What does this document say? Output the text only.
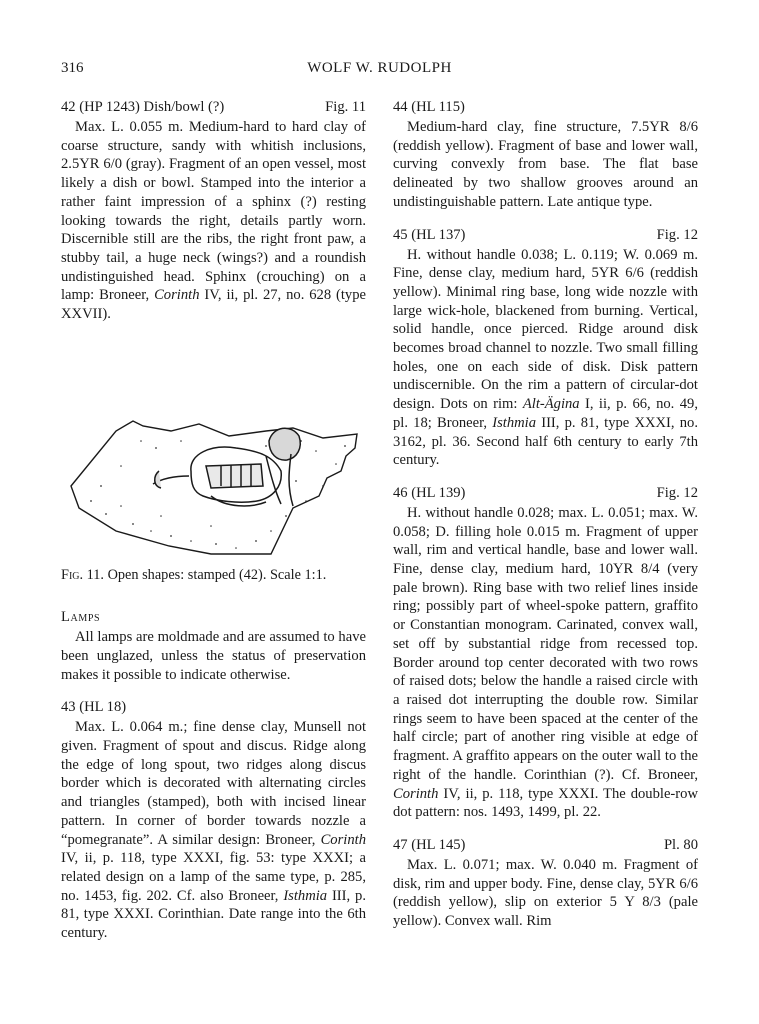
316	WOLF W. RUDOLPH
42 (HP 1243) Dish/bowl (?)	Fig. 11

Max. L. 0.055 m. Medium-hard to hard clay of coarse structure, sandy with whitish inclusions, 2.5YR 6/0 (gray). Fragment of an open vessel, most likely a dish or bowl. Stamped into the interior a rather faint impression of a sphinx (?) resting looking towards the right, details partly worn. Discernible still are the ribs, the right front paw, a stubby tail, a huge neck (wings?) and a roundish undistinguished head. Sphinx (crouching) on a lamp: Broneer, Corinth IV, ii, pl. 27, no. 628 (type XXVII).

Fig. 11. Open shapes: stamped (42). Scale 1:1.

Lamps

All lamps are moldmade and are assumed to have been unglazed, unless the status of preservation makes it possible to indicate otherwise.

43 (HL 18)

Max. L. 0.064 m.; fine dense clay, Munsell not given. Fragment of spout and discus. Ridge along the edge of long spout, two ridges along discus border which is decorated with alternating circles and triangles (stamped), both with incised linear pattern. In corner of border towards nozzle a “pomegranate”. A similar design: Broneer, Corinth IV, ii, p. 118, type XXXI, fig. 53: type XXXI; a related design on a lamp of the same type, p. 285, no. 1453, fig. 202. Cf. also Broneer, Isthmia III, p. 81, type XXXI. Corinthian. Date range into the 6th century.

44 (HL 115)

Medium-hard clay, fine structure, 7.5YR 8/6 (reddish yellow). Fragment of base and lower wall, curving convexly from base. The flat base delineated by two shallow grooves around an undistinguishable pattern. Late antique type.

45 (HL 137)	Fig. 12

H. without handle 0.038; L. 0.119; W. 0.069 m. Fine, dense clay, medium hard, 5YR 6/6 (reddish yellow). Minimal ring base, long wide nozzle with large wick-hole, blackened from burning. Vertical, solid handle, once pierced. Ridge around disk becomes broad channel to nozzle. Two small filling holes, one on each side of disk. Disk pattern undiscernible. On the rim a pattern of circular-dot design. Dots on rim: Alt-Ägina I, ii, p. 66, no. 49, pl. 18; Broneer, Isthmia III, p. 81, type XXXI, no. 3162, pl. 36. Second half 6th century to early 7th century.

46 (HL 139)	Fig. 12

H. without handle 0.028; max. L. 0.051; max. W. 0.058; D. filling hole 0.015 m. Fragment of upper wall, rim and vertical handle, base and lower wall. Fine, dense clay, medium hard, 10YR 8/4 (very pale brown). Ring base with two relief lines inside ring; possibly part of wheel-spoke pattern, graffito or Constantian monogram. Carinated, convex wall, set off by substantial ridge from recessed top. Border around top center decorated with two rows of raised dots; below the handle a raised circle with a raised dot interrupting the double row. Similar rings seem to have been spaced at the center of the half circle; part of another ring visible at edge of fragment. A graffito appears on the outer wall to the right of the handle. Corinthian (?). Cf. Broneer, Corinth IV, ii, p. 118, type XXXI. The double-row dot pattern: nos. 1493, 1499, pl. 22.

47 (HL 145)	Pl. 80

Max. L. 0.071; max. W. 0.040 m. Fragment of disk, rim and upper body. Fine, dense clay, 5YR 6/6 (reddish yellow), slip on exterior 5 Y 8/3 (pale yellow). Convex wall. Rim
